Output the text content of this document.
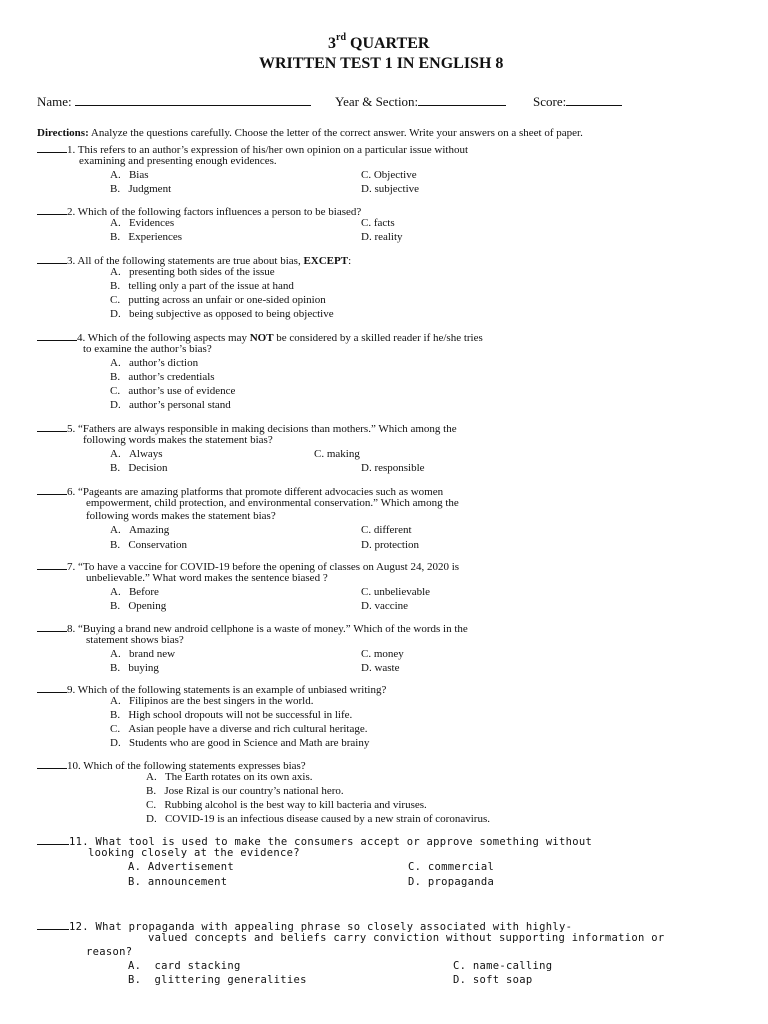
3rd QUARTER
WRITTEN TEST 1 IN ENGLISH 8
Name:	Year & Section:	Score:
Directions: Analyze the questions carefully. Choose the letter of the correct answer. Write your answers on a sheet of paper.
1. This refers to an author’s expression of his/her own opinion on a particular issue without
examining and presenting enough evidences.
A. Bias	C. Objective
B. Judgment	D. subjective
2. Which of the following factors influences a person to be biased?
A. Evidences	C. facts
B. Experiences	D. reality
3. All of the following statements are true about bias, EXCEPT:
A. presenting both sides of the issue
B. telling only a part of the issue at hand
C. putting across an unfair or one-sided opinion
D. being subjective as opposed to being objective
4. Which of the following aspects may NOT be considered by a skilled reader if he/she tries
to examine the author’s bias?
A. author’s diction
B. author’s credentials
C. author’s use of evidence
D. author’s personal stand
5. “Fathers are always responsible in making decisions than mothers.” Which among the
following words makes the statement bias?
A. Always	C. making
B. Decision	D. responsible
6. “Pageants are amazing platforms that promote different advocacies such as women
empowerment, child protection, and environmental conservation.” Which among the
following words makes the statement bias?
A. Amazing	C. different
B. Conservation	D. protection
7. “To have a vaccine for COVID-19 before the opening of classes on August 24, 2020 is
unbelievable.” What word makes the sentence biased ?
A. Before	C. unbelievable
B. Opening	D. vaccine
8. “Buying a brand new android cellphone is a waste of money.” Which of the words in the
statement shows bias?
A. brand new	C. money
B. buying	D. waste
9. Which of the following statements is an example of unbiased writing?
A. Filipinos are the best singers in the world.
B. High school dropouts will not be successful in life.
C. Asian people have a diverse and rich cultural heritage.
D. Students who are good in Science and Math are brainy
10. Which of the following statements expresses bias?
A. The Earth rotates on its own axis.
B. Jose Rizal is our country’s national hero.
C. Rubbing alcohol is the best way to kill bacteria and viruses.
D. COVID-19 is an infectious disease caused by a new strain of coronavirus.
11. What tool is used to make the consumers accept or approve something without
looking closely at the evidence?
A. Advertisement	C. commercial
B. announcement	D. propaganda
12. What propaganda with appealing phrase so closely associated with highly-
valued concepts and beliefs carry conviction without supporting information or
reason?
A. card stacking	C. name-calling
B. glittering generalities	D. soft soap
